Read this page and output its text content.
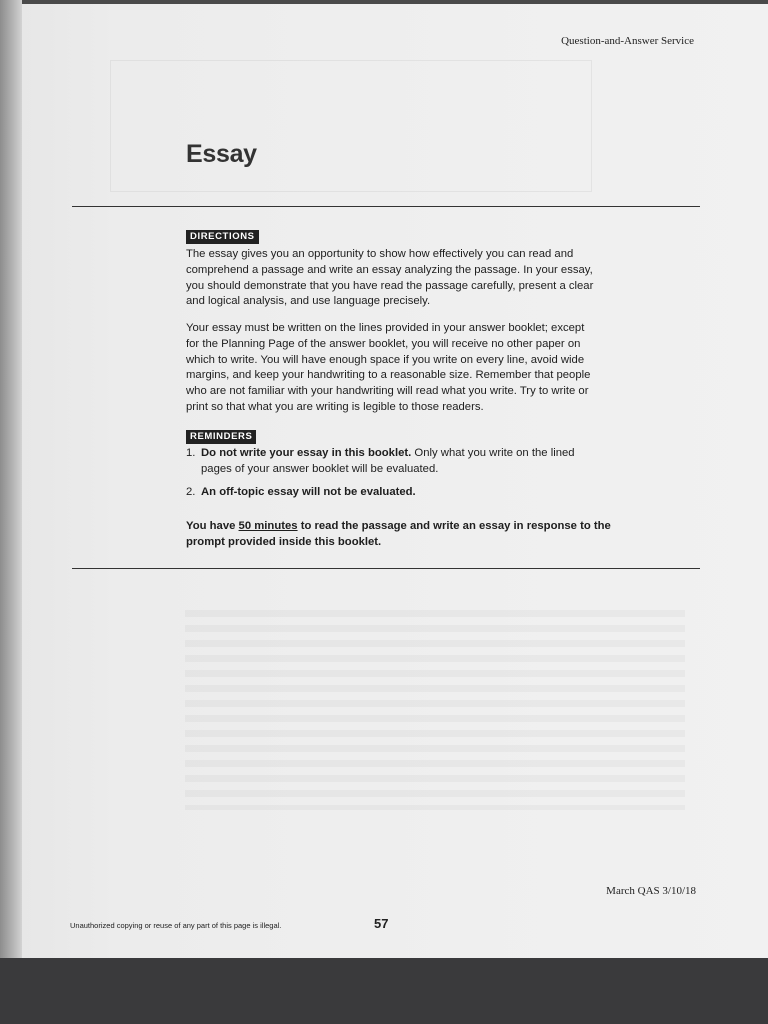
Question-and-Answer Service
Essay
DIRECTIONS
The essay gives you an opportunity to show how effectively you can read and comprehend a passage and write an essay analyzing the passage. In your essay, you should demonstrate that you have read the passage carefully, present a clear and logical analysis, and use language precisely.
Your essay must be written on the lines provided in your answer booklet; except for the Planning Page of the answer booklet, you will receive no other paper on which to write. You will have enough space if you write on every line, avoid wide margins, and keep your handwriting to a reasonable size. Remember that people who are not familiar with your handwriting will read what you write. Try to write or print so that what you are writing is legible to those readers.
REMINDERS
1. Do not write your essay in this booklet. Only what you write on the lined pages of your answer booklet will be evaluated.
2. An off-topic essay will not be evaluated.
You have 50 minutes to read the passage and write an essay in response to the prompt provided inside this booklet.
March QAS 3/10/18
Unauthorized copying or reuse of any part of this page is illegal.	57
